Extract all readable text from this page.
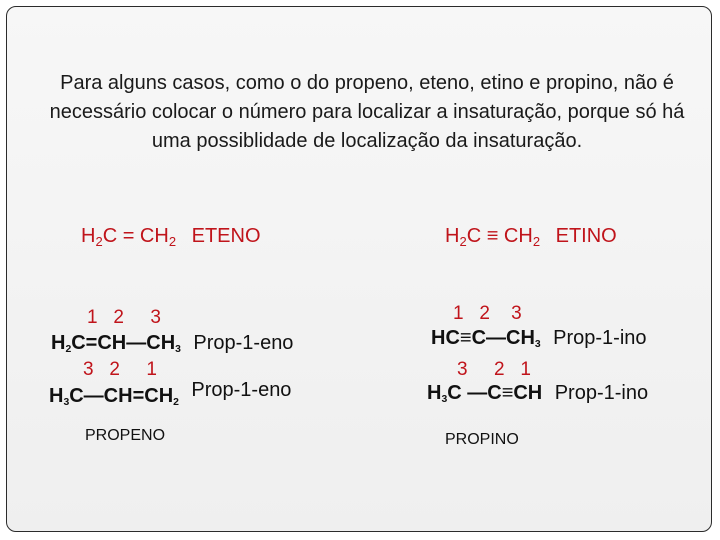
Para alguns casos, como o do propeno, eteno, etino e propino, não é necessário colocar o número para localizar a insaturação, porque só há uma possiblidade de localização da insaturação.
$H_2C = CH_2$ ETENO	$H_2C \equiv CH_2$ ETINO
1   2     3
$H_2C=CH—CH_3$ Prop-1-eno
3   2     1
$H_3C—CH=CH_2$ Prop-1-eno
PROPENO
1   2    3
$HC\equiv C—CH_3$ Prop-1-ino
3     2   1
$H_3C$ —C≡CH Prop-1-ino
PROPINO
